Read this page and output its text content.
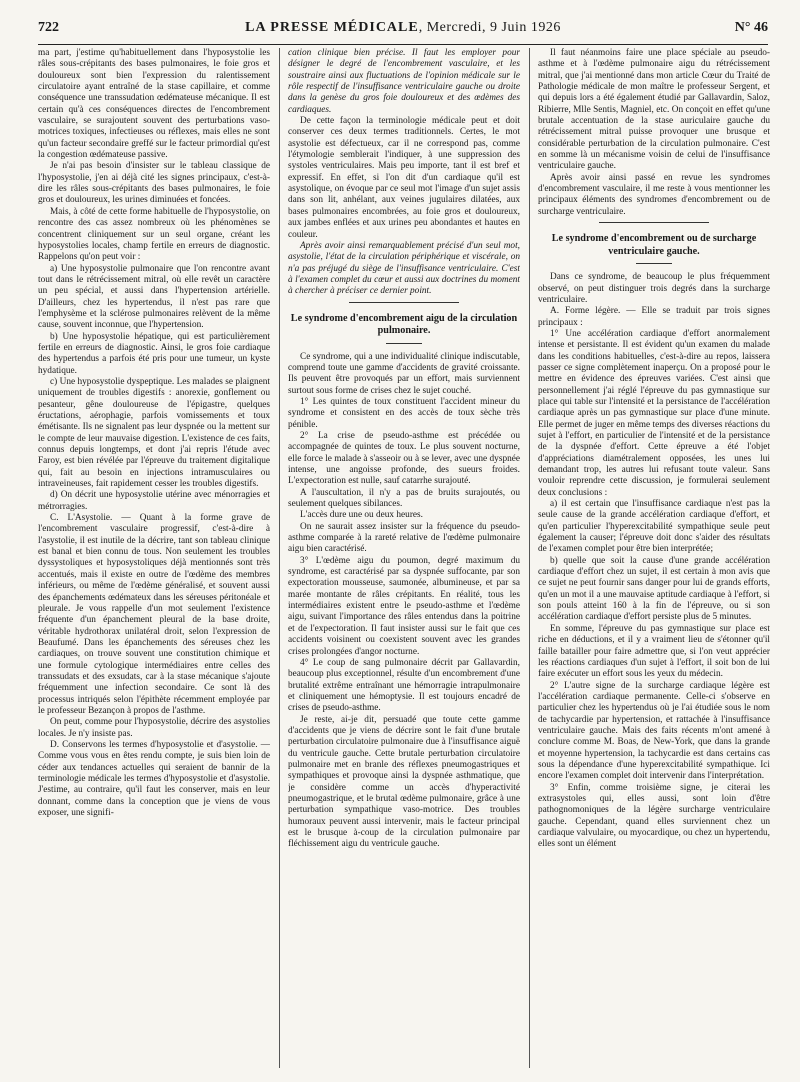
722	LA PRESSE MÉDICALE, Mercredi, 9 Juin 1926	N° 46

ma part, j'estime qu'habituellement dans l'hyposystolie les râles sous-crépitants des bases pulmonaires, le foie gros et douloureux sont bien l'expression du ralentissement circulatoire ayant entraîné de la stase capillaire, et comme conséquence une transsudation œdémateuse mécanique. Il est certain qu'à ces conséquences directes de l'encombrement vasculaire, se surajoutent souvent des perturbations vaso-motrices toxiques, infectieuses ou réflexes, mais elles ne sont qu'un facteur secondaire greffé sur le facteur primordial qu'est la congestion œdémateuse passive.

Je n'ai pas besoin d'insister sur le tableau classique de l'hyposystolie, j'en ai déjà cité les signes principaux, c'est-à-dire les râles sous-crépitants des bases pulmonaires, le foie gros et douloureux, les urines diminuées et foncées.

Mais, à côté de cette forme habituelle de l'hyposystolie, on rencontre des cas assez nombreux où les phénomènes se concentrent cliniquement sur un seul organe, créant les hyposystolies locales, champ fertile en erreurs de diagnostic. Rappelons qu'on peut voir :

a) Une hyposystolie pulmonaire que l'on rencontre avant tout dans le rétrécissement mitral, où elle revêt un caractère un peu spécial, et aussi dans l'hypertension artérielle. D'ailleurs, chez les hypertendus, il n'est pas rare que l'emphysème et la sclérose pulmonaires relèvent de la même cause, souvent inconnue, que l'hypertension.

b) Une hyposystolie hépatique, qui est particulièrement fertile en erreurs de diagnostic. Ainsi, le gros foie cardiaque des hypertendus a parfois été pris pour une tumeur, un kyste hydatique.

c) Une hyposystolie dyspeptique. Les malades se plaignent uniquement de troubles digestifs : anorexie, gonflement ou pesanteur, gêne douloureuse de l'épigastre, quelques éructations, aérophagie, parfois vomissements et toux émétisante. Ils ne signalent pas leur dyspnée ou la mettent sur le compte de leur mauvaise digestion. L'existence de ces faits, connus depuis longtemps, et dont j'ai repris l'étude avec Faroy, est bien révélée par l'épreuve du traitement digitalique qui, fait au besoin en injections intramusculaires ou intraveineuses, fait rapidement cesser les troubles digestifs.

d) On décrit une hyposystolie utérine avec ménorragies et métrorragies.

C. L'Asystolie. — Quant à la forme grave de l'encombrement vasculaire progressif, c'est-à-dire à l'asystolie, il est inutile de la décrire, tant son tableau clinique est banal et bien connu de tous. Non seulement les troubles dyssystoliques et hyposystoliques déjà mentionnés sont très accentués, mais il existe en outre de l'œdème des membres inférieurs, ou même de l'œdème généralisé, et souvent aussi des épanchements œdémateux dans les séreuses péritonéale et pleurale. Je vous rappelle d'un mot seulement l'existence fréquente d'un épanchement pleural de la base droite, véritable hydrothorax unilatéral droit, selon l'expression de Beaufumé. Dans les épanchements des séreuses chez les cardiaques, on trouve souvent une constitution chimique et une formule cytologique intermédiaires entre celles des transsudats et des exsudats, car à la stase mécanique s'ajoute fréquemment une infection secondaire. Ce sont là des processus intriqués selon l'épithète récemment employée par le professeur Bezançon à propos de l'asthme.

On peut, comme pour l'hyposystolie, décrire des asystolies locales. Je n'y insiste pas.

D. Conservons les termes d'hyposystolie et d'asystolie. — Comme vous vous en êtes rendu compte, je suis bien loin de céder aux tendances actuelles qui seraient de bannir de la terminologie médicale les termes d'hyposystolie et d'asystolie. J'estime, au contraire, qu'il faut les conserver, mais en leur donnant, comme dans la conception que je viens de vous exposer, une signifi-

cation clinique bien précise. Il faut les employer pour désigner le degré de l'encombrement vasculaire, et les soustraire ainsi aux fluctuations de l'opinion médicale sur le rôle respectif de l'insuffisance ventriculaire gauche ou droite dans la genèse du gros foie douloureux et des œdèmes des cardiaques.

De cette façon la terminologie médicale peut et doit conserver ces deux termes traditionnels. Certes, le mot asystolie est défectueux, car il ne correspond pas, comme l'étymologie semblerait l'indiquer, à une suppression des systoles ventriculaires. Mais peu importe, tant il est bref et expressif. En effet, si l'on dit d'un cardiaque qu'il est asystolique, on évoque par ce seul mot l'image d'un sujet assis dans son lit, anhélant, aux veines jugulaires dilatées, aux bases pulmonaires encombrées, au foie gros et douloureux, aux jambes enflées et aux urines peu abondantes et hautes en couleur.

Après avoir ainsi remarquablement précisé d'un seul mot, asystolie, l'état de la circulation périphérique et viscérale, on n'a pas préjugé du siège de l'insuffisance ventriculaire. C'est à l'examen complet du cœur et aussi aux doctrines du moment à chercher à préciser ce dernier point.

Le syndrome d'encombrement aigu de la circulation pulmonaire.

Ce syndrome, qui a une individualité clinique indiscutable, comprend toute une gamme d'accidents de gravité croissante. Ils peuvent être provoqués par un effort, mais surviennent surtout sous forme de crises chez le sujet couché.

1° Les quintes de toux constituent l'accident mineur du syndrome et consistent en des accès de toux sèche très pénible.

2° La crise de pseudo-asthme est précédée ou accompagnée de quintes de toux. Le plus souvent nocturne, elle force le malade à s'asseoir ou à se lever, avec une dyspnée intense, une angoisse profonde, des sueurs froides. L'expectoration est nulle, sauf catarrhe surajouté.

A l'auscultation, il n'y a pas de bruits surajoutés, ou seulement quelques sibilances.

L'accès dure une ou deux heures.

On ne saurait assez insister sur la fréquence du pseudo-asthme comparée à la rareté relative de l'œdème pulmonaire aigu bien caractérisé.

3° L'œdème aigu du poumon, degré maximum du syndrome, est caractérisé par sa dyspnée suffocante, par son expectoration mousseuse, saumonée, albumineuse, et par sa marée montante de râles crépitants. En réalité, tous les intermédiaires existent entre le pseudo-asthme et l'œdème aigu, suivant l'importance des râles entendus dans la poitrine et de l'expectoration. Il faut insister aussi sur le fait que ces accidents voisinent ou coexistent souvent avec les grandes crises prolongées d'angor nocturne.

4° Le coup de sang pulmonaire décrit par Gallavardin, beaucoup plus exceptionnel, résulte d'un encombrement d'une brutalité extrême entraînant une hémorragie intrapulmonaire et cliniquement une hémoptysie. Il est toujours encadré de crises de pseudo-asthme.

Je reste, ai-je dit, persuadé que toute cette gamme d'accidents que je viens de décrire sont le fait d'une brutale perturbation circulatoire pulmonaire due à l'insuffisance aiguë du ventricule gauche. Cette brutale perturbation circulatoire pulmonaire met en branle des réflexes pneumogastriques et sympathiques et provoque ainsi la dyspnée asthmatique, que je considère comme un accès d'hyperactivité pneumogastrique, et le brutal œdème pulmonaire, grâce à une perturbation sympathique vaso-motrice. Des troubles humoraux peuvent aussi intervenir, mais le facteur principal est le brusque à-coup de la circulation pulmonaire par fléchissement aigu du ventricule gauche.

Il faut néanmoins faire une place spéciale au pseudo-asthme et à l'œdème pulmonaire aigu du rétrécissement mitral, que j'ai mentionné dans mon article Cœur du Traité de Pathologie médicale de mon maître le professeur Sergent, et qui depuis lors a été également étudié par Gallavardin, Saloz, Ribierre, Mlle Sentis, Magniel, etc. On conçoit en effet qu'une brutale accentuation de la stase auriculaire gauche du rétrécissement mitral puisse provoquer une brusque et considérable perturbation de la circulation pulmonaire. C'est en somme là un mécanisme voisin de celui de l'insuffisance ventriculaire gauche.

Après avoir ainsi passé en revue les syndromes d'encombrement vasculaire, il me reste à vous mentionner les principaux éléments des syndromes d'encombrement ou de surcharge ventriculaire.

Le syndrome d'encombrement ou de surcharge ventriculaire gauche.

Dans ce syndrome, de beaucoup le plus fréquemment observé, on peut distinguer trois degrés dans la surcharge ventriculaire.

A. Forme légère. — Elle se traduit par trois signes principaux :

1° Une accélération cardiaque d'effort anormalement intense et persistante. Il est évident qu'un examen du malade dans les conditions habituelles, c'est-à-dire au repos, laissera passer ce signe complètement inaperçu. On a proposé pour le mettre en évidence des épreuves variées. C'est ainsi que personnellement j'ai réglé l'épreuve du pas gymnastique sur place qui table sur l'intensité et la persistance de l'accélération cardiaque après un pas gymnastique sur place d'une minute. Elle permet de juger en même temps des diverses réactions du sujet à l'effort, en particulier de l'intensité et de la persistance de la dyspnée d'effort. Cette épreuve a été l'objet d'appréciations diamétralement opposées, les unes lui demandant trop, les autres lui refusant toute valeur. Sans vouloir reprendre cette discussion, je formulerai seulement deux conclusions :

a) il est certain que l'insuffisance cardiaque n'est pas la seule cause de la grande accélération cardiaque d'effort, et qu'en particulier l'hyperexcitabilité sympathique seule peut également la causer; l'épreuve doit donc s'aider des résultats de l'examen complet pour être bien interprétée;

b) quelle que soit la cause d'une grande accélération cardiaque d'effort chez un sujet, il est certain à mon avis que ce sujet ne peut fournir sans danger pour lui de grands efforts, qu'en un mot il a une mauvaise aptitude cardiaque à l'effort, si son pouls atteint 160 à la fin de l'épreuve, ou si son accélération cardiaque d'effort persiste plus de 5 minutes.

En somme, l'épreuve du pas gymnastique sur place est riche en déductions, et il y a vraiment lieu de s'étonner qu'il faille batailler pour faire admettre que, si l'on veut apprécier les réactions cardiaques d'un sujet à l'effort, il soit bon de lui faire exécuter un effort sous les yeux du médecin.

2° L'autre signe de la surcharge cardiaque légère est l'accélération cardiaque permanente. Celle-ci s'observe en particulier chez les hypertendus où je l'ai étudiée sous le nom de tachycardie par hypertension, et rattachée à l'insuffisance ventriculaire gauche. Mais des faits récents m'ont amené à conclure comme M. Boas, de New-York, que dans la grande et moyenne hypertension, la tachycardie est dans certains cas sous la dépendance d'une hyperexcitabilité sympathique. Ici encore l'examen complet doit intervenir dans l'interprétation.

3° Enfin, comme troisième signe, je citerai les extrasystoles qui, elles aussi, sont loin d'être pathognomoniques de la légère surcharge ventriculaire gauche. Cependant, quand elles surviennent chez un cardiaque valvulaire, ou myocardique, ou chez un hypertendu, elles sont un élément
